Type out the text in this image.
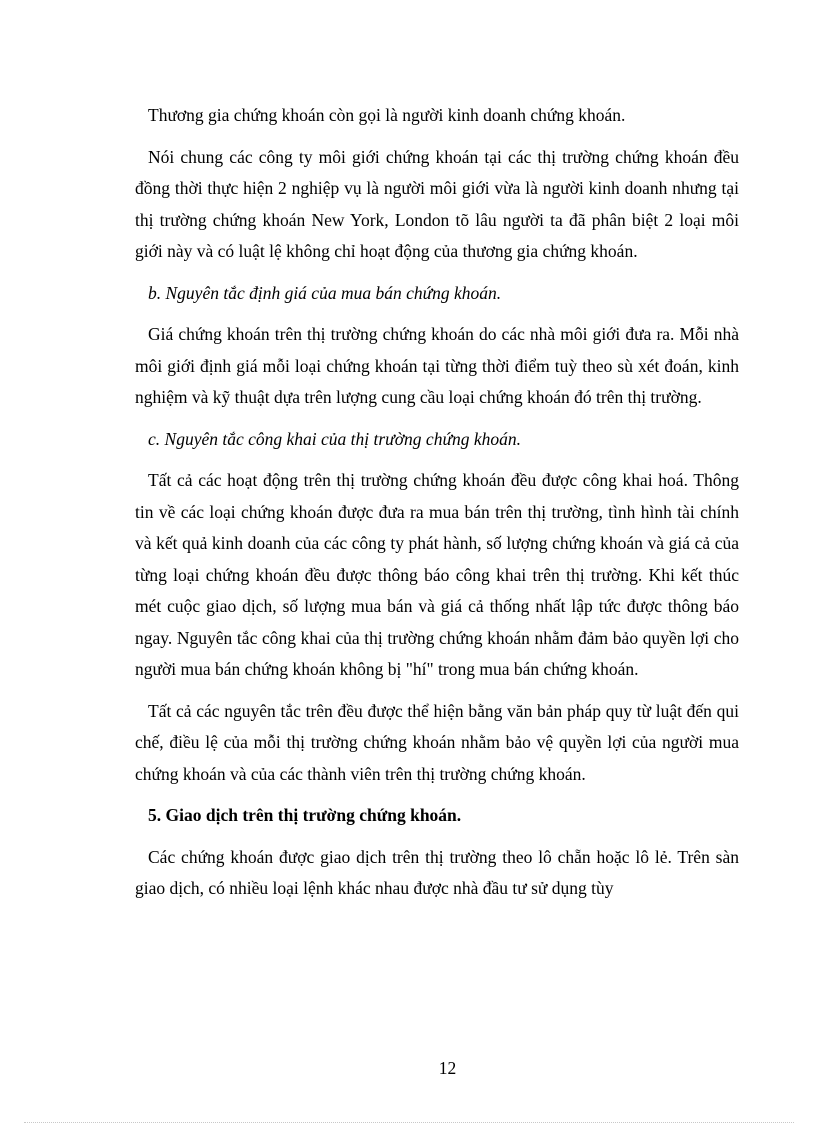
Thương gia chứng khoán còn gọi là người kinh doanh chứng khoán.

Nói chung các công ty môi giới chứng khoán tại các thị trường chứng khoán đều đồng thời thực hiện 2 nghiệp vụ là người môi giới vừa là người kinh doanh nhưng tại thị trường chứng khoán New York, London tõ lâu người ta đã phân biệt 2 loại môi giới này và có luật lệ không chỉ hoạt động của thương gia chứng khoán.

b. Nguyên tắc định giá của mua bán chứng khoán.

Giá chứng khoán trên thị trường chứng khoán do các nhà môi giới đưa ra. Mỗi nhà môi giới định giá mỗi loại chứng khoán tại từng thời điểm tuỳ theo sù xét đoán, kinh nghiệm và kỹ thuật dựa trên lượng cung cầu loại chứng khoán đó trên thị trường.

c. Nguyên tắc công khai của thị trường chứng khoán.

Tất cả các hoạt động trên thị trường chứng khoán đều được công khai hoá. Thông tin về các loại chứng khoán được đưa ra mua bán trên thị trường, tình hình tài chính và kết quả kinh doanh của các công ty phát hành, số lượng chứng khoán và giá cả của từng loại chứng khoán đều được thông báo công khai trên thị trường. Khi kết thúc mét cuộc giao dịch, số lượng mua bán và giá cả thống nhất lập tức được thông báo ngay. Nguyên tắc công khai của thị trường chứng khoán nhằm đảm bảo quyền lợi cho người mua bán chứng khoán không bị "hí" trong mua bán chứng khoán.

Tất cả các nguyên tắc trên đều được thể hiện bằng văn bản pháp quy từ luật đến qui chế, điều lệ của mỗi thị trường chứng khoán nhằm bảo vệ quyền lợi của người mua chứng khoán và của các thành viên trên thị trường chứng khoán.

5. Giao dịch trên thị trường chứng khoán.

Các chứng khoán được giao dịch trên thị trường theo lô chẵn hoặc lô lẻ. Trên sàn giao dịch, có nhiều loại lệnh khác nhau được nhà đầu tư sử dụng tùy

12
